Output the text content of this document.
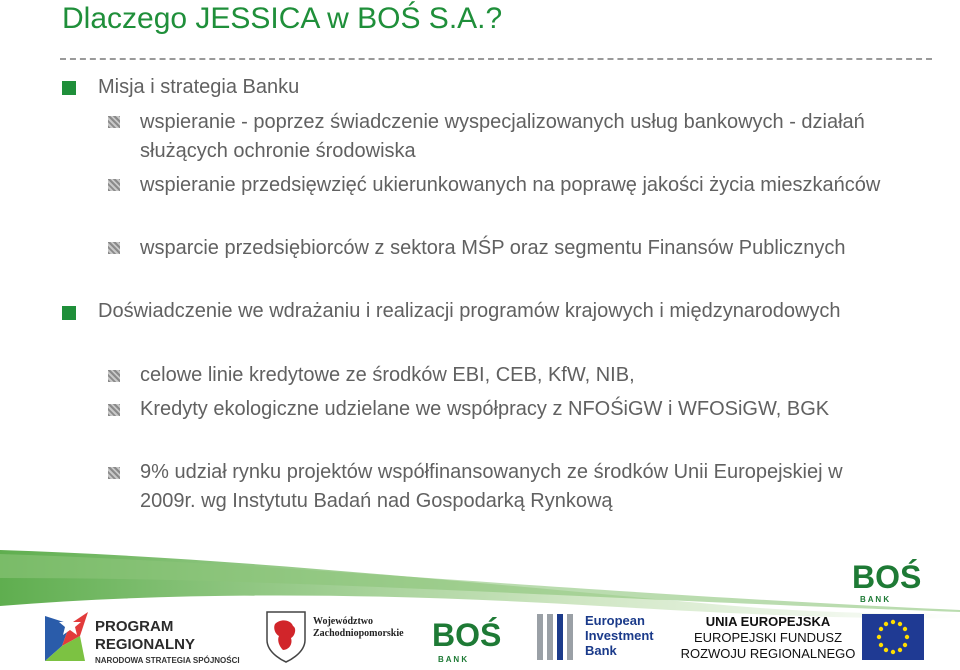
Dlaczego JESSICA w BOŚ S.A.?
Misja i strategia Banku
wspieranie - poprzez świadczenie wyspecjalizowanych usług bankowych - działań służących ochronie środowiska
wspieranie przedsięwzięć ukierunkowanych na poprawę jakości życia mieszkańców
wsparcie przedsiębiorców z sektora MŚP oraz segmentu Finansów Publicznych
Doświadczenie we wdrażaniu i realizacji programów krajowych i międzynarodowych
celowe linie kredytowe ze środków EBI, CEB, KfW, NIB,
Kredyty ekologiczne udzielane we współpracy z NFOŚiGW i WFOSiGW, BGK
9% udział rynku projektów współfinansowanych ze środków Unii Europejskiej w 2009r. wg Instytutu Badań nad Gospodarką Rynkową
BOŚ
B A N K
PROGRAM
REGIONALNY
NARODOWA STRATEGIA SPÓJNOŚCI
Województwo
Zachodniopomorskie BOŚ
B A N K
European
Investment
Bank
UNIA EUROPEJSKA
EUROPEJSKI FUNDUSZ
ROZWOJU REGIONALNEGO
